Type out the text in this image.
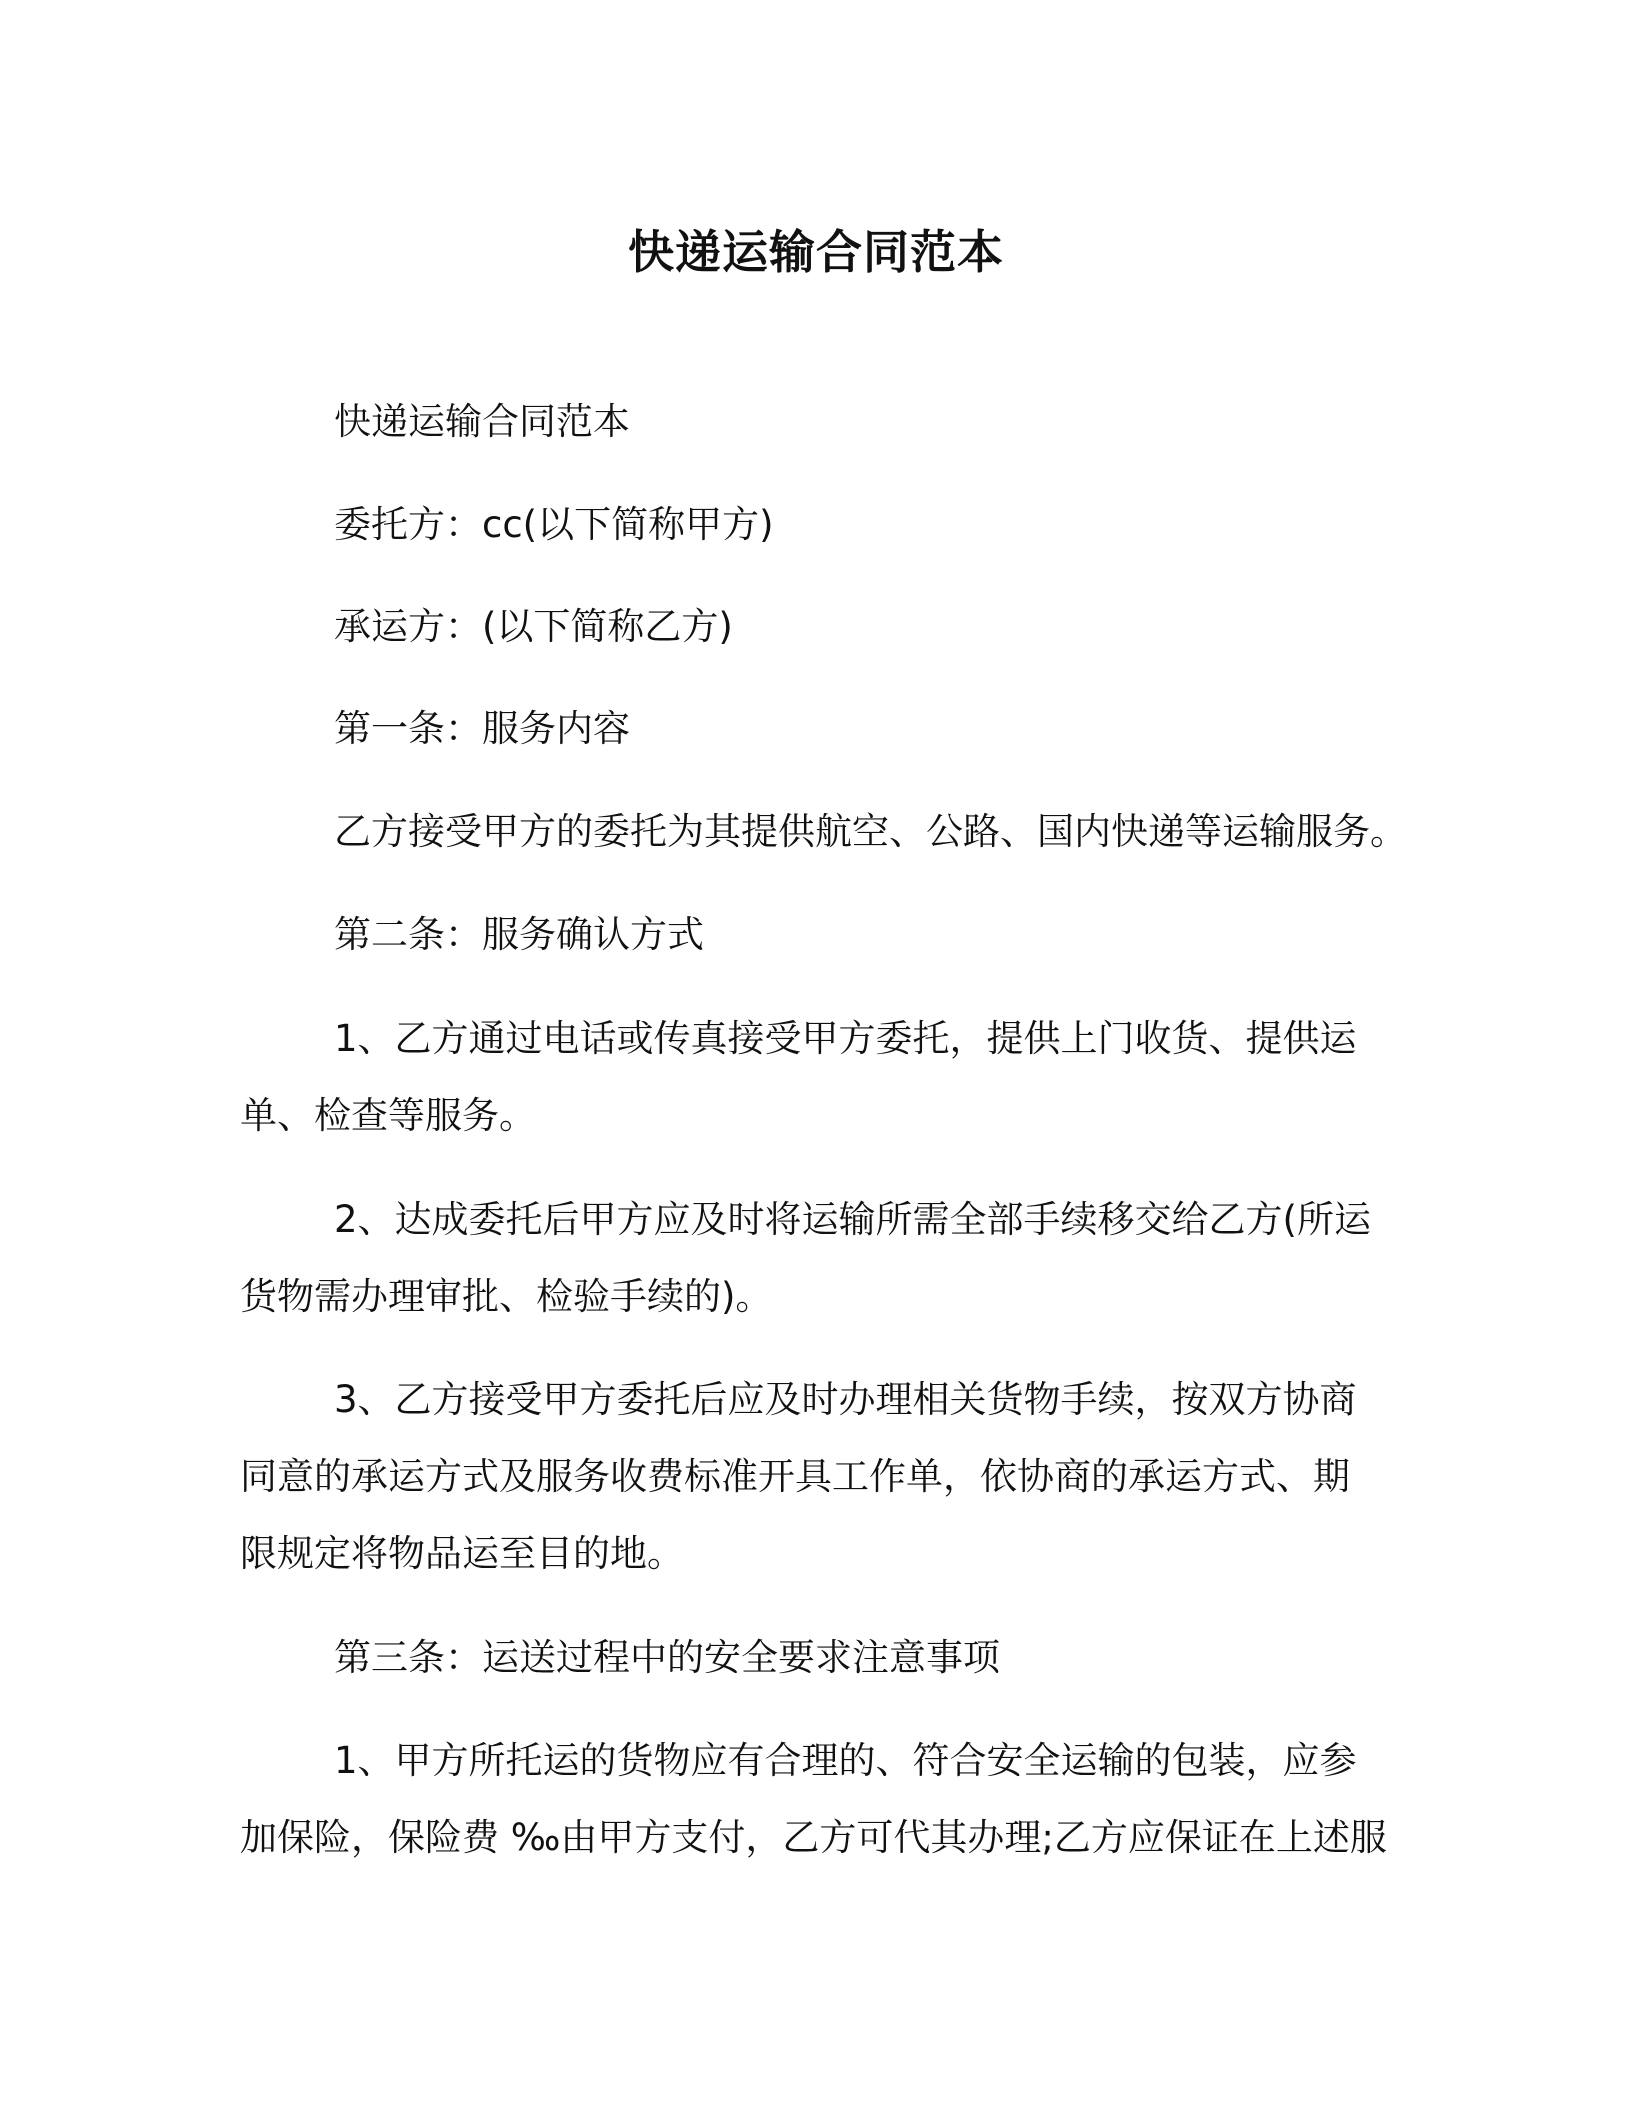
快递运输合同范本

快递运输合同范本

委托方：cc(以下简称甲方)

承运方：(以下简称乙方)

第一条：服务内容

乙方接受甲方的委托为其提供航空、公路、国内快递等运输服务。

第二条：服务确认方式

1、乙方通过电话或传真接受甲方委托，提供上门收货、提供运

单、检查等服务。

2、达成委托后甲方应及时将运输所需全部手续移交给乙方(所运

货物需办理审批、检验手续的)。

3、乙方接受甲方委托后应及时办理相关货物手续，按双方协商

同意的承运方式及服务收费标准开具工作单，依协商的承运方式、期

限规定将物品运至目的地。

第三条：运送过程中的安全要求注意事项

1、甲方所托运的货物应有合理的、符合安全运输的包装，应参

加保险，保险费 ‰由甲方支付，乙方可代其办理;乙方应保证在上述服
